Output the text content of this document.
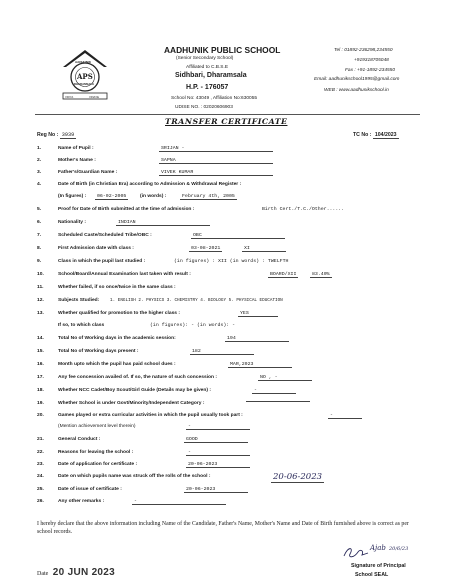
AADHUNIK
APS
DHARAMSALA
VIDYA	VINAYE
AADHUNIK PUBLIC SCHOOL
(Senior Secondary School)
Affiliated to C.B.S.E
Sidhbari, Dharamsala
H.P. - 176057
School No: 43049 , Affiliation No:630055
UDISE NO. : 02020606903
Tel : 01892-236298,234550
+919318705048
Fax : +91-1892-234550
Email: aadhunikschool1995@gmail.com
WEB : www.aadhunikschool.in
TRANSFER CERTIFICATE
Reg No : 3939	TC No : 104/2023
1.	Name of Pupil :	SRIJAN -
2.	Mother's Name :	SAPNA
3.	Father's/Guardian Name :	VIVEK KUMAR
4.	Date of Birth (in Christian Era) according to Admission & Withdrawal Register :
(In figures) :	06-02-2005	(in words) :	February 4th, 2005
5.	Proof for Date of Birth submitted at the time of admission :	Birth Cert./T.C./Other......
6.	Nationality :	INDIAN
7.	Scheduled Caste/Scheduled Tribe/OBC :	OBC
8.	First Admission date with class :	03-08-2021	XI
9.	Class in which the pupil last studied :	(in figures) : XII (in words) : TWELFTH
10.	School/Board/Annual Examination last taken with result :	BOARD/XII	83.40%
11.	Whether failed, if so once/twice in the same class :
12.	Subjects Studied: 1. ENGLISH 2. PHYSICS 3. CHEMISTRY 4. BIOLOGY 5. PHYSICAL EDUCATION
13.	Whether qualified for promotion to the higher class :	YES
If so, to which class	(in figures): - (in words): -
14.	Total No of Working days in the academic session:	194
15.	Total No of Working days present :	182
16.	Month upto which the pupil has paid school dues :	MAR,2023
17.	Any fee concession availed of. If so, the nature of such concession :	NO , -
18.	Whether NCC Cadet/Boy Scout/Girl Guide (Details may be given) :	-
19.	Whether School is under Govt/Minority/Independent Category :
20.	Games played or extra curricular activities in which the pupil usually took part :	-
(Mention achievement level therein)	-
21.	General Conduct :	GOOD
22.	Reasons for leaving the school :	-
23.	Date of application for certificate :	20-06-2023
24.	Date on which pupils name was struck off the rolls of the school :	20-06-2023
25.	Date of issue of certificate :	20-06-2023
26.	Any other remarks :	-
I hereby declare that the above information including Name of the Candidate, Father's Name, Mother's Name and Date of Birth furnished above is correct as per school records.
Date 20 JUN 2023
Ajab 20/6/23
Signature of Principal
School SEAL
